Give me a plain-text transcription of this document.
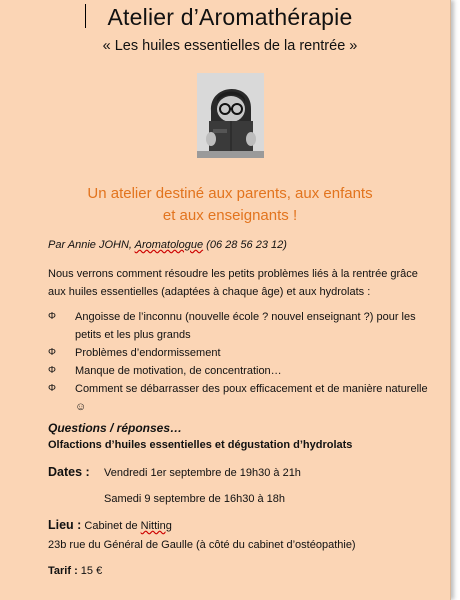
Atelier d’Aromathérapie
« Les huiles essentielles de la rentrée »
Un atelier destiné aux parents, aux enfants
et aux enseignants !
Par Annie JOHN, Aromatologue (06 28 56 23 12)
Nous verrons comment résoudre les petits problèmes liés à la rentrée grâce aux huiles essentielles (adaptées à chaque âge) et aux hydrolats :
Φ Angoisse de l’inconnu (nouvelle école ? nouvel enseignant ?) pour les petits et les plus grands
Φ Problèmes d’endormissement
Φ Manque de motivation, de concentration…
Φ Comment se débarrasser des poux efficacement et de manière naturelle ☺
Questions / réponses…
Olfactions d’huiles essentielles et dégustation d’hydrolats
Dates : Vendredi 1er septembre de 19h30 à 21h
Samedi 9 septembre de 16h30 à 18h
Lieu : Cabinet de Nitting
23b rue du Général de Gaulle (à côté du cabinet d’ostéopathie)
Tarif : 15 €
